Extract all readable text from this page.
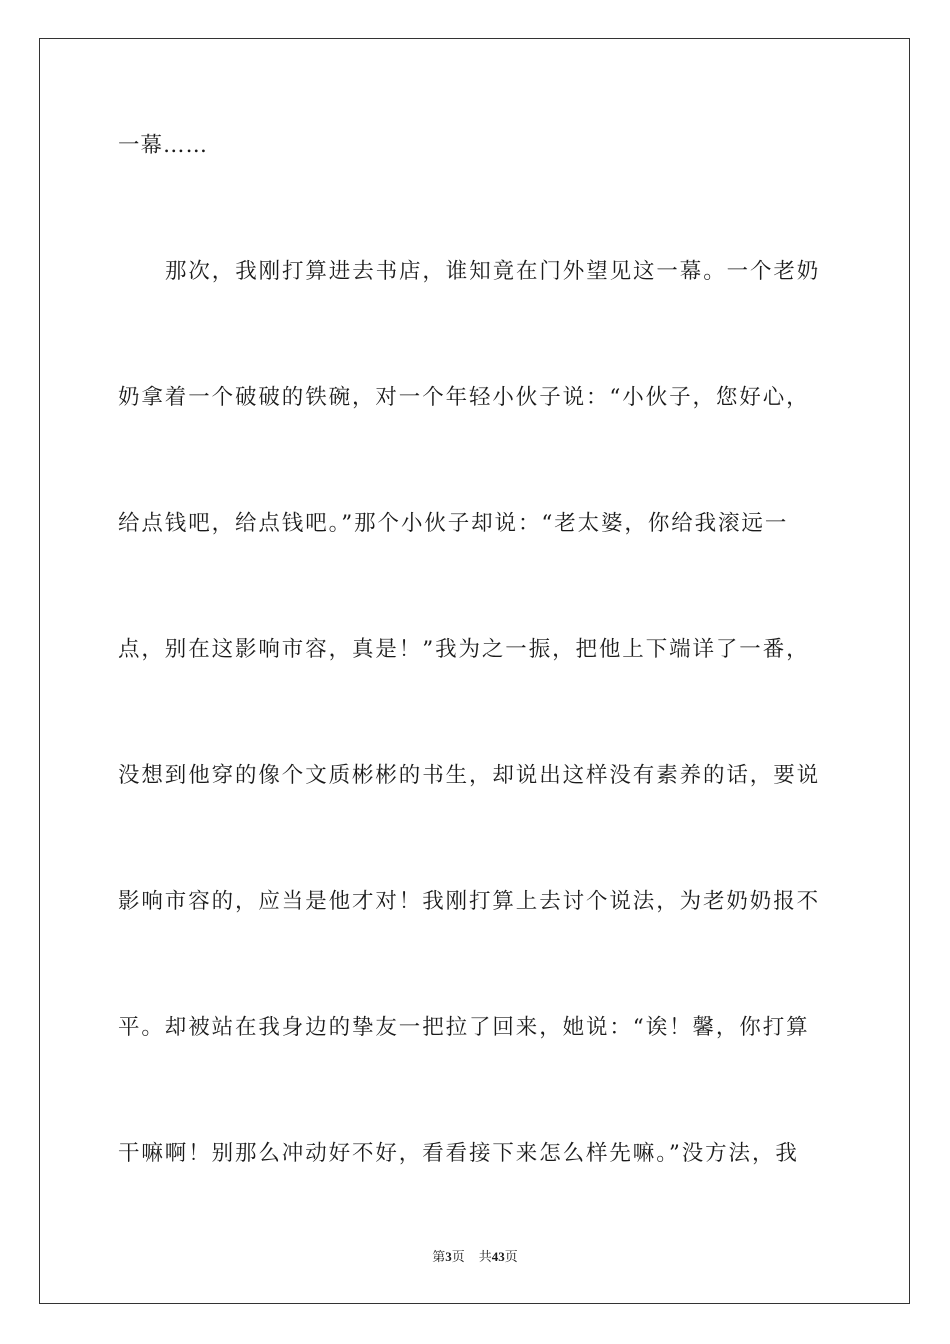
一幕……
那次，我刚打算进去书店，谁知竟在门外望见这一幕。一个老奶
奶拿着一个破破的铁碗，对一个年轻小伙子说：“小伙子，您好心，
给点钱吧，给点钱吧。”那个小伙子却说：“老太婆，你给我滚远一
点，别在这影响市容，真是！”我为之一振，把他上下端详了一番，
没想到他穿的像个文质彬彬的书生，却说出这样没有素养的话，要说
影响市容的，应当是他才对！我刚打算上去讨个说法，为老奶奶报不
平。却被站在我身边的挚友一把拉了回来，她说：“诶！馨，你打算
干嘛啊！别那么冲动好不好，看看接下来怎么样先嘛。”没方法，我
第3页 共43页
